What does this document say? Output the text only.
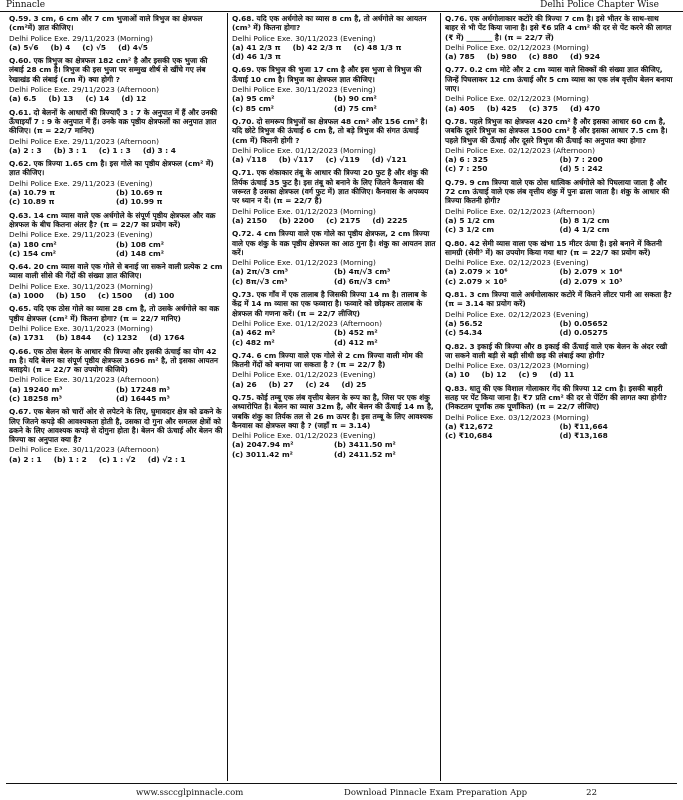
Pinnacle	Delhi Police Chapter Wise
Q.59. 3 cm, 6 cm और 7 cm भुजाओं वाले त्रिभुज का क्षेत्रफल (cm²में) ज्ञात कीजिए।
Delhi Police Exe. 29/11/2023 (Morning)
(a) 5√6 (b) 4 (c) √5 (d) 4√5
Q.60. एक त्रिभुज का क्षेत्रफल 182 cm² है और इसकी एक भुजा की लंबाई 28 cm है। त्रिभुज की इस भुजा पर सम्मुख शीर्ष से खींचे गए लंब रेखाखंड की लंबाई (cm में) क्या होगी ?
Delhi Police Exe. 29/11/2023 (Afternoon)
(a) 6.5 (b) 13 (c) 14 (d) 12
Q.61. दो बेलनों के आधारों की त्रिज्याएँ 3 : 7 के अनुपात में हैं और उनकी ऊँचाइयाँ 7 : 9 के अनुपात में हैं। उनके वक्र पृष्ठीय क्षेत्रफलों का अनुपात ज्ञात कीजिए। (π = 22/7 मानिए)
Delhi Police Exe. 29/11/2023 (Afternoon)
(a) 2 : 3 (b) 3 : 1 (c) 1 : 3 (d) 3 : 4
Q.62. एक त्रिज्या 1.65 cm है। इस गोले का पृष्ठीय क्षेत्रफल (cm² में) ज्ञात कीजिए।
Delhi Police Exe. 29/11/2023 (Evening)
(a) 10.79 π	(b) 10.69 π
(c) 10.89 π	(d) 10.99 π
Q.63. 14 cm व्यास वाले एक अर्धगोले के संपूर्ण पृष्ठीय क्षेत्रफल और वक्र क्षेत्रफल के बीच कितना अंतर है? (π = 22/7 का प्रयोग करें)
Delhi Police Exe. 29/11/2023 (Evening)
(a) 180 cm²	(b) 108 cm²
(c) 154 cm²	(d) 148 cm²
Q.64. 20 cm व्यास वाले एक गोले से बनाई जा सकने वाली प्रत्येक 2 cm व्यास वाली सीसे की गेंदों की संख्या ज्ञात कीजिए।
Delhi Police Exe. 30/11/2023 (Morning)
(a) 1000 (b) 150 (c) 1500 (d) 100
Q.65. यदि एक ठोस गोले का व्यास 28 cm है, तो उसके अर्धगोले का वक्र पृष्ठीय क्षेत्रफल (cm² में) कितना होगा? (π = 22/7 मानिए)
Delhi Police Exe. 30/11/2023 (Morning)
(a) 1731 (b) 1844 (c) 1232 (d) 1764
Q.66. एक ठोस बेलन के आधार की त्रिज्या और इसकी ऊंचाई का योग 42 m है। यदि बेलन का संपूर्ण पृष्ठीय क्षेत्रफल 3696 m² है, तो इसका आयतन बताइये। (π = 22/7 का उपयोग कीजिये)
Delhi Police Exe. 30/11/2023 (Afternoon)
(a) 19240 m³	(b) 17248 m³
(c) 18258 m³	(d) 16445 m³
Q.67. एक बेलन को चारों ओर से लपेटने के लिए, घुमावदार क्षेत्र को ढकने के लिए जितने कपड़े की आवश्यकता होती है, उसका दो गुना और समतल क्षेत्रों को ढकने के लिए आवश्यक कपड़े से दोगुना होता है। बेलन की ऊंचाई और बेलन की त्रिज्या का अनुपात क्या है?
Delhi Police Exe. 30/11/2023 (Afternoon)
(a) 2 : 1 (b) 1 : 2 (c) 1 : √2 (d) √2 : 1
Q.68. यदि एक अर्धगोले का व्यास 8 cm है, तो अर्धगोले का आयतन (cm³ में) कितना होगा?
Delhi Police Exe. 30/11/2023 (Evening)
(a) 41 2/3 π (b) 42 2/3 π (c) 48 1/3 π
(d) 46 1/3 π
Q.69. एक त्रिभुज की भुजा 17 cm है और इस भुजा से त्रिभुज की ऊँचाई 10 cm है। त्रिभुज का क्षेत्रफल ज्ञात कीजिए।
Delhi Police Exe. 30/11/2023 (Evening)
(a) 95 cm²	(b) 90 cm²
(c) 85 cm²	(d) 75 cm²
Q.70. दो समरूप त्रिभुजों का क्षेत्रफल 48 cm² और 156 cm² है। यदि छोटे त्रिभुज की ऊंचाई 6 cm है, तो बड़े त्रिभुज की संगत ऊंचाई (cm में) कितनी होगी ?
Delhi Police Exe. 01/12/2023 (Morning)
(a) √118 (b) √117 (c) √119 (d) √121
Q.71. एक शंकाकार तंबू के आधार की त्रिज्या 20 फुट है और शंकु की तिर्यक ऊंचाई 35 फुट है। इस तंबू को बनाने के लिए जितने कैनवास की जरूरत है उसका क्षेत्रफल (वर्ग फुट में) ज्ञात कीजिए। कैनवास के अपव्यय पर ध्यान न दें। (π = 22/7 है)
Delhi Police Exe. 01/12/2023 (Morning)
(a) 2150 (b) 2200 (c) 2175 (d) 2225
Q.72. 4 cm त्रिज्या वाले एक गोले का पृष्ठीय क्षेत्रफल, 2 cm त्रिज्या वाले एक शंकु के वक्र पृष्ठीय क्षेत्रफल का आठ गुना है। शंकु का आयतन ज्ञात करें।
Delhi Police Exe. 01/12/2023 (Morning)
(a) 2π/√3 cm³	(b) 4π/√3 cm³
(c) 8π/√3 cm³	(d) 6π/√3 cm³
Q.73. एक गाँव में एक तालाब है जिसकी त्रिज्या 14 m है। तालाब के केंद्र में 14 m व्यास का एक फव्वारा है। फव्वारे को छोड़कर तालाब के क्षेत्रफल की गणना करें। (π = 22/7 लीजिए)
Delhi Police Exe. 01/12/2023 (Afternoon)
(a) 462 m²	(b) 452 m²
(c) 482 m²	(d) 412 m²
Q.74. 6 cm त्रिज्या वाले एक गोले से 2 cm त्रिज्या वाली मोम की कितनी गेंदों को बनाया जा सकता है ? (π = 22/7 है)
Delhi Police Exe. 01/12/2023 (Evening)
(a) 26 (b) 27 (c) 24 (d) 25
Q.75. कोई तम्बू एक लंब वृत्तीय बेलन के रूप का है, जिस पर एक शंकु अध्यारोपित है। बेलन का व्यास 32m है, और बेलन की ऊँचाई 14 m है, जबकि शंकु का तिर्यक तल से 26 m ऊपर है। इस तम्बू के लिए आवश्यक कैनवास का क्षेत्रफल क्या है ? (जहाँ π = 3.14)
Delhi Police Exe. 01/12/2023 (Evening)
(a) 2047.94 m²	(b) 3411.50 m²
(c) 3011.42 m²	(d) 2411.52 m²
Q.76. एक अर्धगोलाकार कटोरे की त्रिज्या 7 cm है। इसे भीतर के साथ-साथ बाहर से भी पेंट किया जाना है। इसे ₹6 प्रति 4 cm² की दर से पेंट करने की लागत (₹ में) _______ है। (π = 22/7 लें)
Delhi Police Exe. 02/12/2023 (Morning)
(a) 785 (b) 980 (c) 880 (d) 924
Q.77. 0.2 cm मोटे और 2 cm व्यास वाले सिक्कों की संख्या ज्ञात कीजिए, जिन्हें पिघलाकर 12 cm ऊंचाई और 5 cm व्यास का एक लंब वृत्तीय बेलन बनाया जाए।
Delhi Police Exe. 02/12/2023 (Morning)
(a) 405 (b) 425 (c) 375 (d) 470
Q.78. पहले त्रिभुज का क्षेत्रफल 420 cm² है और इसका आधार 60 cm है, जबकि दूसरे त्रिभुज का क्षेत्रफल 1500 cm² है और इसका आधार 7.5 cm है। पहले त्रिभुज की ऊँचाई और दूसरे त्रिभुज की ऊँचाई का अनुपात क्या होगा?
Delhi Police Exe. 02/12/2023 (Afternoon)
(a) 6 : 325	(b) 7 : 200
(c) 7 : 250	(d) 5 : 242
Q.79. 9 cm त्रिज्या वाले एक ठोस धात्विक अर्धगोले को पिघलाया जाता है और 72 cm ऊंचाई वाले एक लंब वृत्तीय शंकु में पुनः ढाला जाता है। शंकु के आधार की त्रिज्या कितनी होगी?
Delhi Police Exe. 02/12/2023 (Afternoon)
(a) 5 1/2 cm	(b) 8 1/2 cm
(c) 3 1/2 cm	(d) 4 1/2 cm
Q.80. 42 सेमी व्यास वाला एक खंभा 15 मीटर ऊंचा है। इसे बनाने में कितनी सामग्री (सेमी³ में) का उपयोग किया गया था? (π = 22/7 का प्रयोग करें)
Delhi Police Exe. 02/12/2023 (Evening)
(a) 2.079 × 10⁶	(b) 2.079 × 10⁴
(c) 2.079 × 10⁵	(d) 2.079 × 10³
Q.81. 3 cm त्रिज्या वाले अर्धगोलाकार कटोरे में कितने लीटर पानी आ सकता है? (π = 3.14 का प्रयोग करें)
Delhi Police Exe. 02/12/2023 (Evening)
(a) 56.52	(b) 0.05652
(c) 54.34	(d) 0.05275
Q.82. 3 इकाई की त्रिज्या और 8 इकाई की ऊँचाई वाले एक बेलन के अंदर रखी जा सकने वाली बड़ी से बड़ी सीधी छड़ की लंबाई क्या होगी?
Delhi Police Exe. 03/12/2023 (Morning)
(a) 10 (b) 12 (c) 9 (d) 11
Q.83. धातु की एक विशाल गोलाकार गेंद की त्रिज्या 12 cm है। इसकी बाहरी सतह पर पेंट किया जाना है। ₹7 प्रति cm² की दर से पेंटिंग की लागत क्या होगी? (निकटतम पूर्णांक तक पूर्णांकित) (π = 22/7 लीजिए)
Delhi Police Exe. 03/12/2023 (Morning)
(a) ₹12,672	(b) ₹11,664
(c) ₹10,684	(d) ₹13,168
www.ssccglpinnacle.com	Download Pinnacle Exam Preparation App	22
